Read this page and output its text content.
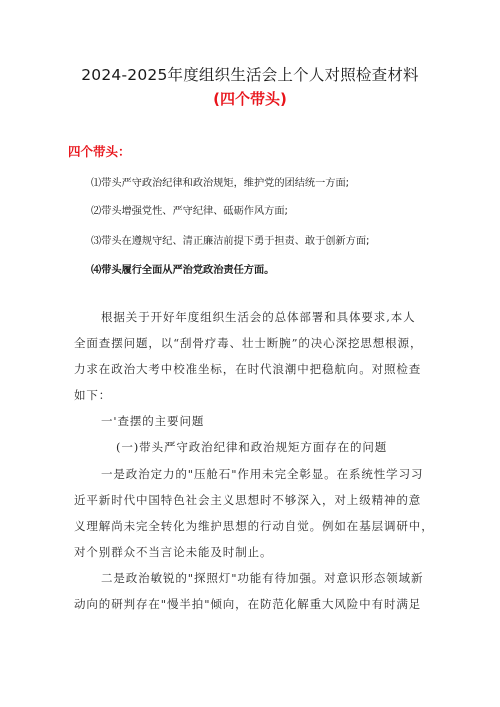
2024-2025年度组织生活会上个人对照检查材料
(四个带头)
四个带头：
⑴带头严守政治纪律和政治规矩，维护党的团结统一方面;
⑵带头增强党性、严守纪律、砥砺作风方面;
⑶带头在遵规守纪、清正廉洁前提下勇于担责、敢于创新方面;
⑷带头履行全面从严治党政治责任方面。
根据关于开好年度组织生活会的总体部署和具体要求,本人
全面查摆问题，以“刮骨疗毒、壮士断腕”的决心深挖思想根源，
力求在政治大考中校准坐标，在时代浪潮中把稳航向。对照检查
如下：
一'查摆的主要问题
(一)带头严守政治纪律和政治规矩方面存在的问题
一是政治定力的"压舱石"作用未完全彰显。在系统性学习习
近平新时代中国特色社会主义思想时不够深入，对上级精神的意
义理解尚未完全转化为维护思想的行动自觉。例如在基层调研中，
对个别群众不当言论未能及时制止。
二是政治敏锐的"探照灯"功能有待加强。对意识形态领域新
动向的研判存在"慢半拍"倾向，在防范化解重大风险中有时满足
